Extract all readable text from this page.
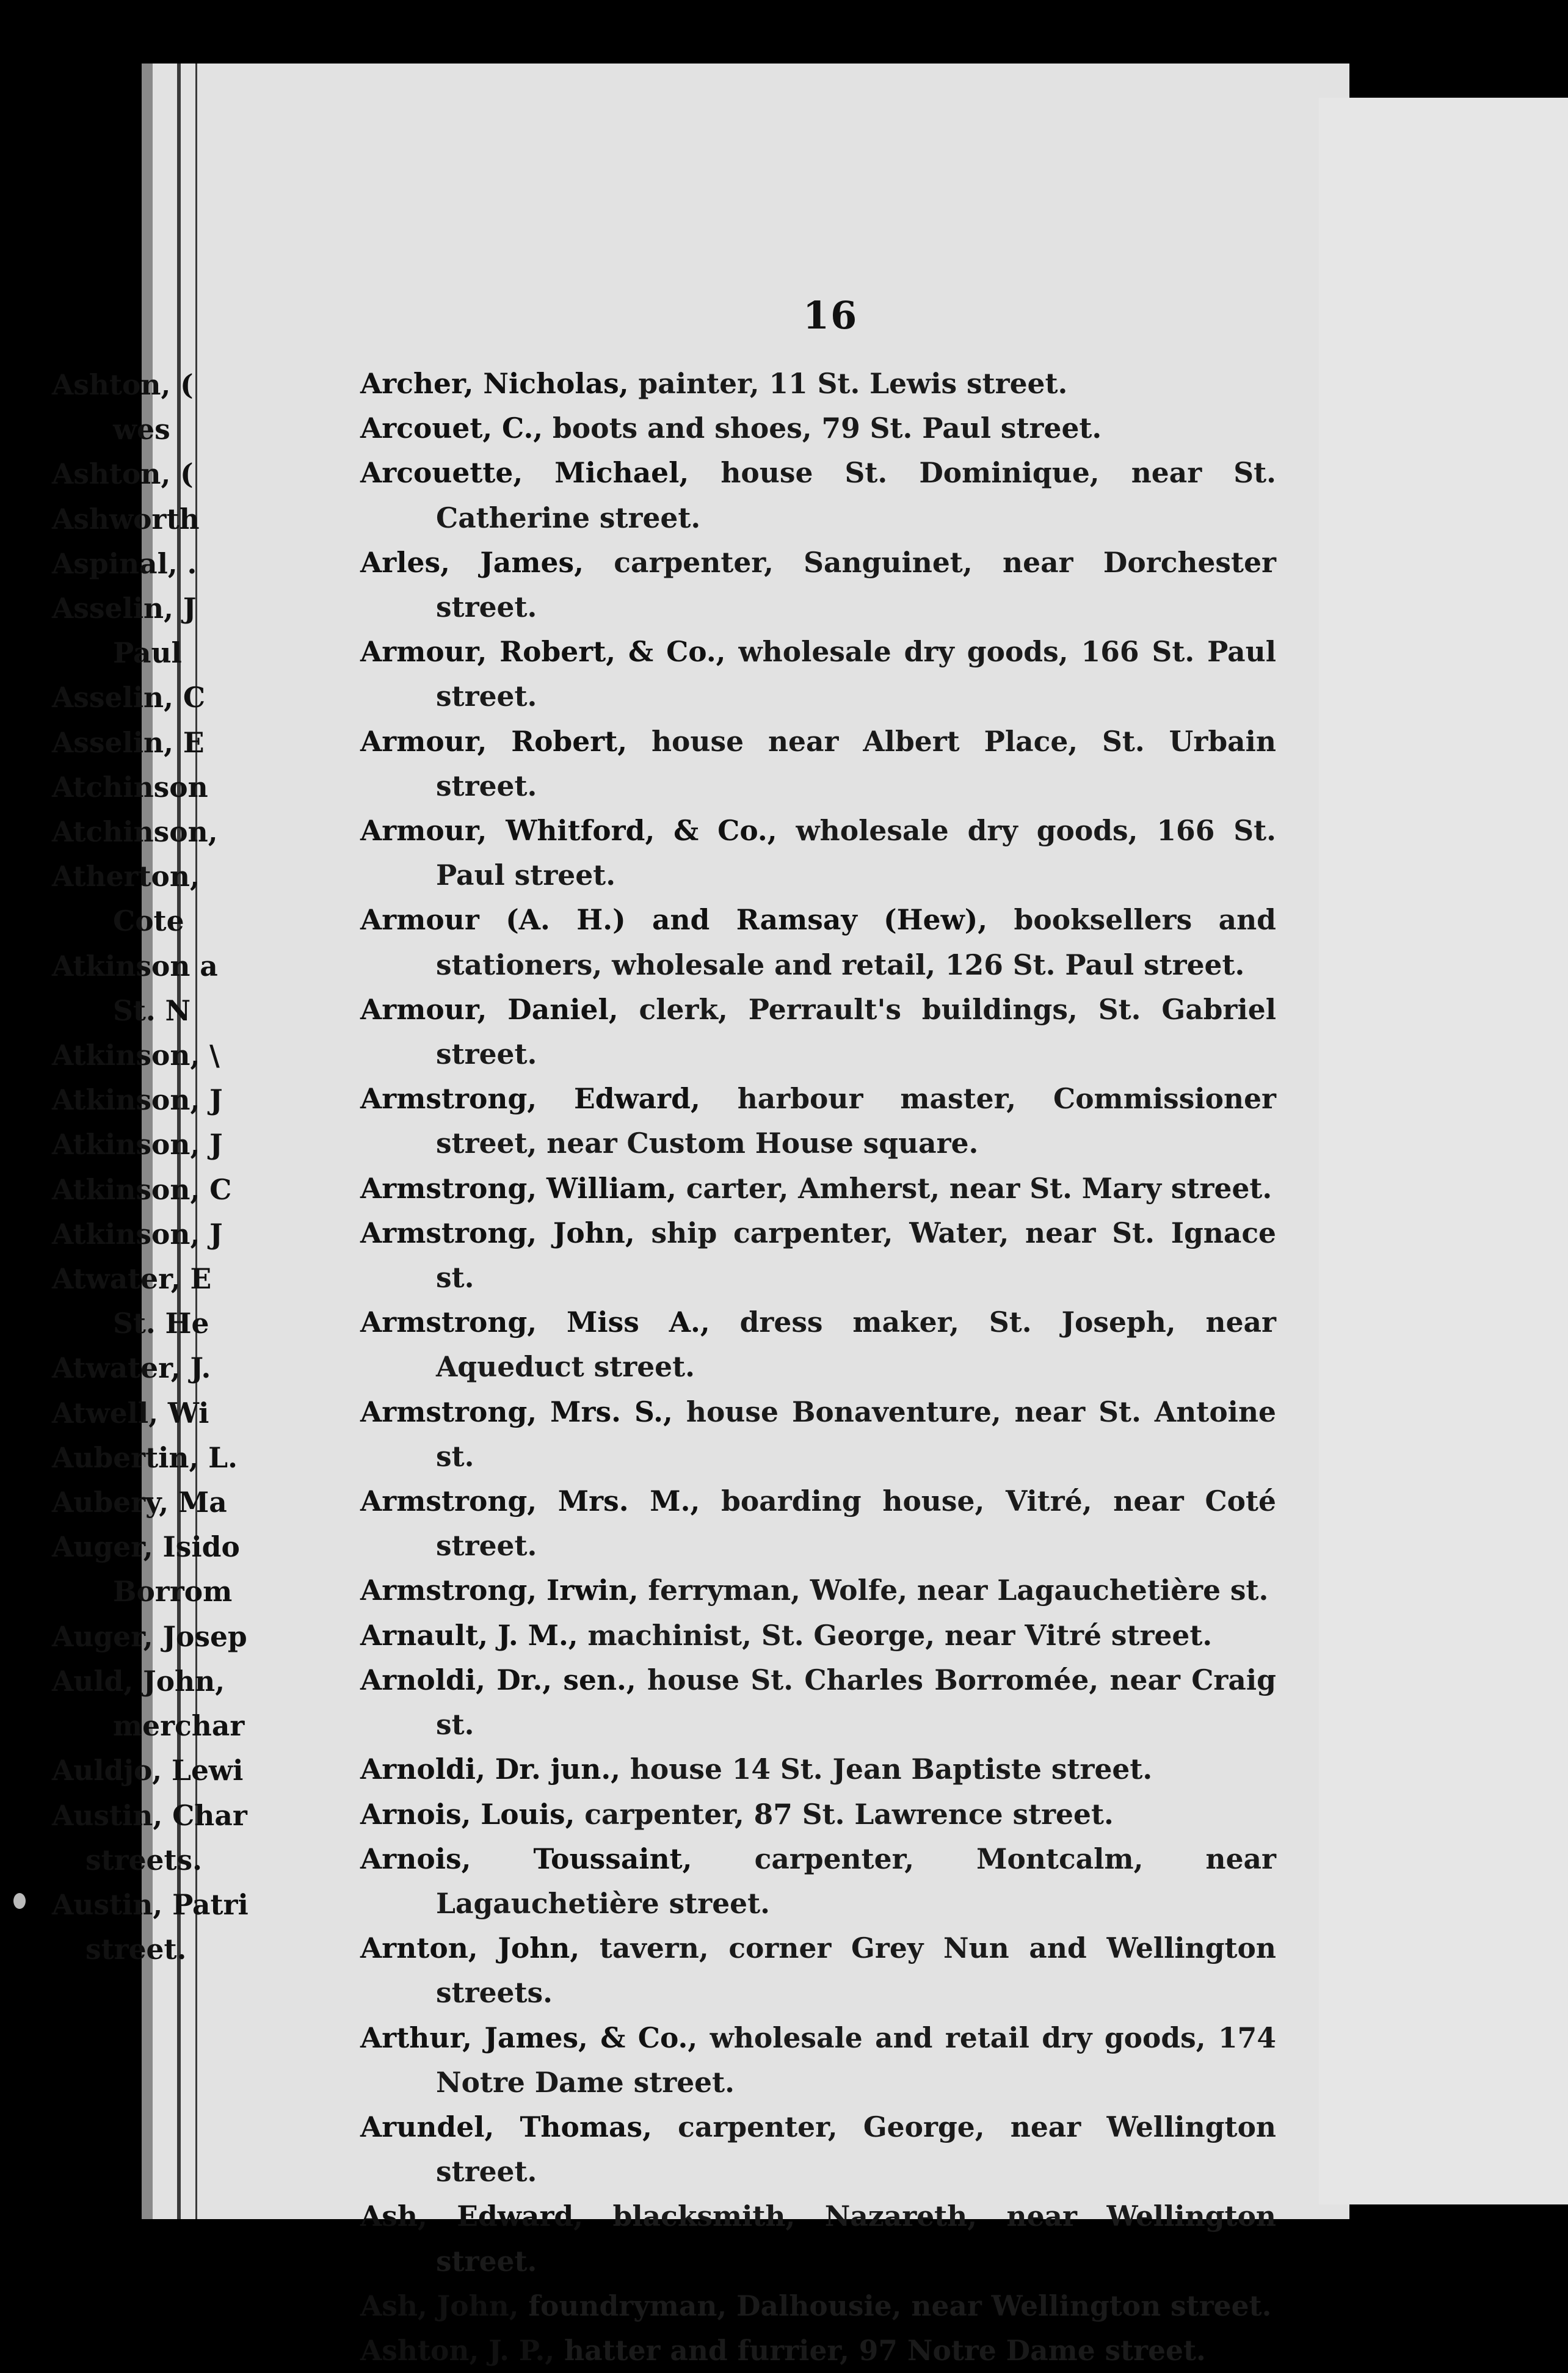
16
Archer, Nicholas, painter, 11 St. Lewis street.
Arcouet, C., boots and shoes, 79 St. Paul street.
Arcouette, Michael, house St. Dominique, near St. Catherine street.
Arles, James, carpenter, Sanguinet, near Dorchester street.
Armour, Robert, & Co., wholesale dry goods, 166 St. Paul street.
Armour, Robert, house near Albert Place, St. Urbain street.
Armour, Whitford, & Co., wholesale dry goods, 166 St. Paul street.
Armour (A. H.) and Ramsay (Hew), booksellers and stationers, wholesale and retail, 126 St. Paul street.
Armour, Daniel, clerk, Perrault's buildings, St. Gabriel street.
Armstrong, Edward, harbour master, Commissioner street, near Custom House square.
Armstrong, William, carter, Amherst, near St. Mary street.
Armstrong, John, ship carpenter, Water, near St. Ignace st.
Armstrong, Miss A., dress maker, St. Joseph, near Aqueduct street.
Armstrong, Mrs. S., house Bonaventure, near St. Antoine st.
Armstrong, Mrs. M., boarding house, Vitré, near Coté street.
Armstrong, Irwin, ferryman, Wolfe, near Lagauchetière st.
Arnault, J. M., machinist, St. George, near Vitré street.
Arnoldi, Dr., sen., house St. Charles Borromée, near Craig st.
Arnoldi, Dr. jun., house 14 St. Jean Baptiste street.
Arnois, Louis, carpenter, 87 St. Lawrence street.
Arnois, Toussaint, carpenter, Montcalm, near Lagauchetière street.
Arnton, John, tavern, corner Grey Nun and Wellington streets.
Arthur, James, & Co., wholesale and retail dry goods, 174 Notre Dame street.
Arundel, Thomas, carpenter, George, near Wellington street.
Ash, Edward, blacksmith, Nazareth, near Wellington street.
Ash, John, foundryman, Dalhousie, near Wellington street.
Ashton, J. P., hatter and furrier, 97 Notre Dame street.
Ashton, (
wes
Ashton, (
Ashworth
Aspinal, .
Asselin, J
Paul
Asselin, C
Asselin, E
Atchinson
Atchinson,
Atherton,
Cote
Atkinson a
St. N
Atkinson, \
Atkinson, J
Atkinson, J
Atkinson, C
Atkinson, J
Atwater, E
St. He
Atwater, J.
Atwell, Wi
Aubertin, L.
Aubery, Ma
Auger, Isido
Borrom
Auger, Josep
Auld, John,
merchar
Auldjo, Lewi
Austin, Char
streets.
Austin, Patri
street.
